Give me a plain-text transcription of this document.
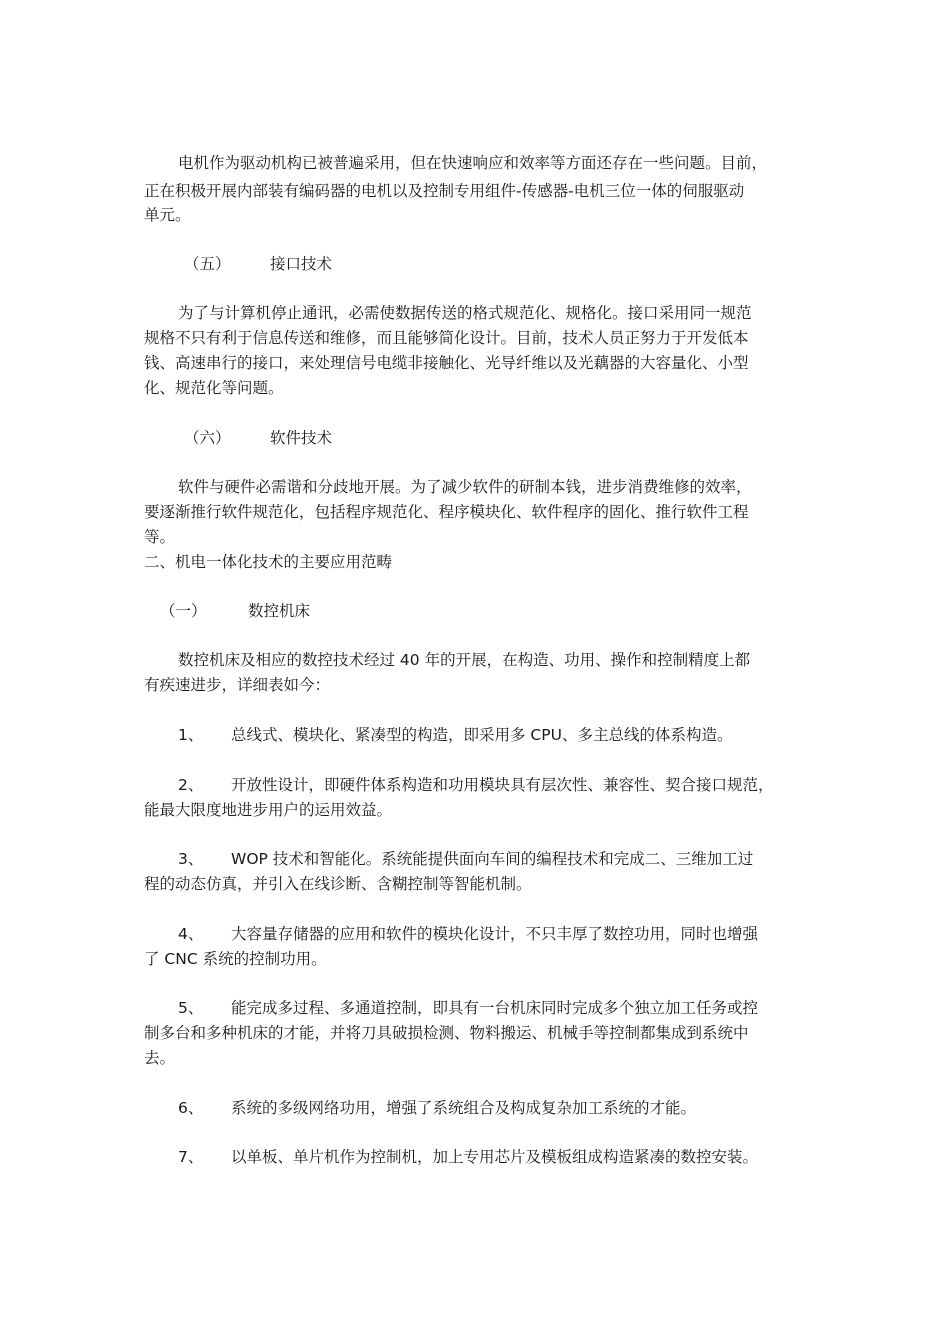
电机作为驱动机构已被普遍采用，但在快速响应和效率等方面还存在一些问题。目前，

正在积极开展内部装有编码器的电机以及控制专用组件-传感器-电机三位一体的伺服驱动

单元。

（五）	接口技术

为了与计算机停止通讯，必需使数据传送的格式规范化、规格化。接口采用同一规范

规格不只有利于信息传送和维修，而且能够简化设计。目前，技术人员正努力于开发低本

钱、高速串行的接口，来处理信号电缆非接触化、光导纤维以及光藕器的大容量化、小型

化、规范化等问题。

（六）	软件技术

软件与硬件必需谐和分歧地开展。为了减少软件的研制本钱，进步消费维修的效率，

要逐渐推行软件规范化，包括程序规范化、程序模块化、软件程序的固化、推行软件工程

等。

二、机电一体化技术的主要应用范畴

（一）	数控机床

数控机床及相应的数控技术经过 40 年的开展，在构造、功用、操作和控制精度上都

有疾速进步，详细表如今：

1、 总线式、模块化、紧凑型的构造，即采用多 CPU、多主总线的体系构造。

2、 开放性设计，即硬件体系构造和功用模块具有层次性、兼容性、契合接口规范，

能最大限度地进步用户的运用效益。

3、 WOP 技术和智能化。系统能提供面向车间的编程技术和完成二、三维加工过

程的动态仿真，并引入在线诊断、含糊控制等智能机制。

4、 大容量存储器的应用和软件的模块化设计，不只丰厚了数控功用，同时也增强

了 CNC 系统的控制功用。

5、 能完成多过程、多通道控制，即具有一台机床同时完成多个独立加工任务或控

制多台和多种机床的才能，并将刀具破损检测、物料搬运、机械手等控制都集成到系统中

去。

6、 系统的多级网络功用，增强了系统组合及构成复杂加工系统的才能。

7、 以单板、单片机作为控制机，加上专用芯片及模板组成构造紧凑的数控安装。
